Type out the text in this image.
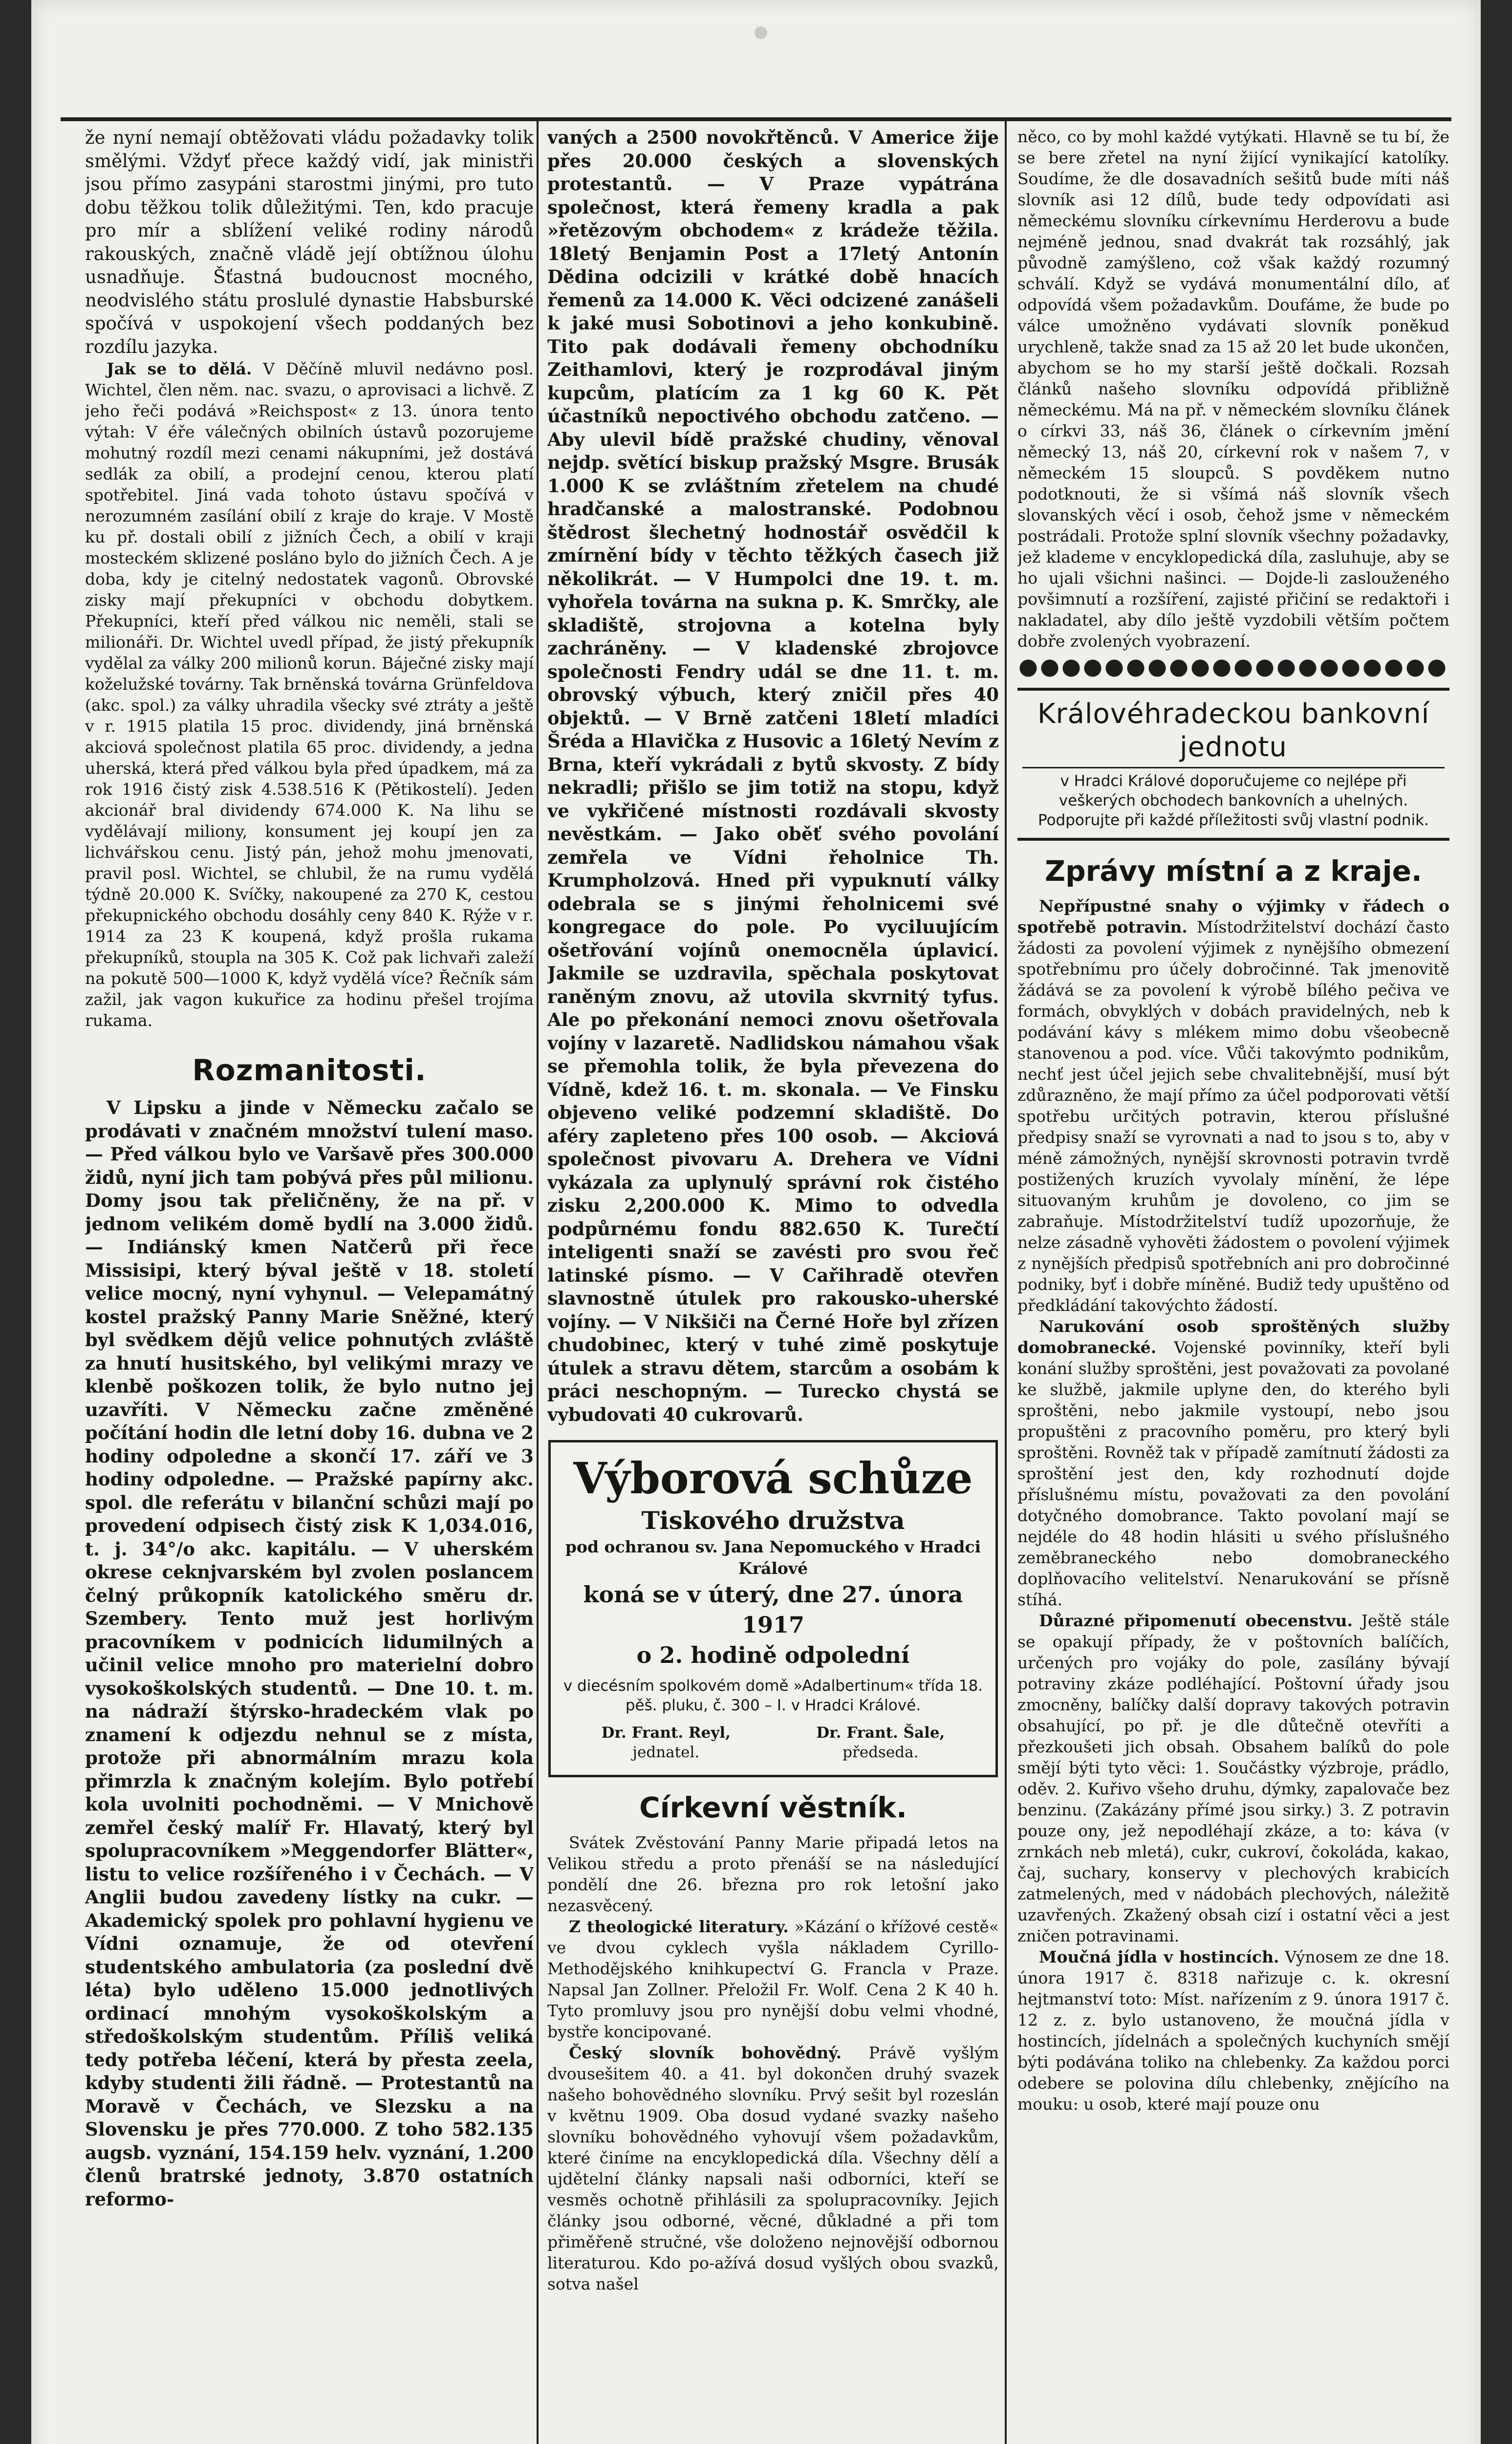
že nyní nemají obtěžovati vládu požadavky tolik smělými. Vždyť přece každý vidí, jak ministři jsou přímo zasypáni starostmi jinými, pro tuto dobu těžkou tolik důležitými. Ten, kdo pracuje pro mír a sblížení veliké rodiny národů rakouských, značně vládě její obtížnou úlohu usnadňuje. Šťastná budoucnost mocného, neodvislého státu proslulé dynastie Habsburské spočívá v uspokojení všech poddaných bez rozdílu jazyka.

Jak se to dělá. V Děčíně mluvil nedávno posl. Wichtel, člen něm. nac. svazu, o aprovisaci a lichvě. Z jeho řeči podává »Reichspost« z 13. února tento výtah: V éře válečných obilních ústavů pozorujeme mohutný rozdíl mezi cenami nákupními, jež dostává sedlák za obilí, a prodejní cenou, kterou platí spotřebitel. Jiná vada tohoto ústavu spočívá v nerozumném zasílání obilí z kraje do kraje. V Mostě ku př. dostali obilí z jižních Čech, a obilí v kraji mosteckém sklizené posláno bylo do jižních Čech. A je doba, kdy je citelný nedostatek vagonů. Obrovské zisky mají překupníci v obchodu dobytkem. Překupníci, kteří před válkou nic neměli, stali se milionáři. Dr. Wichtel uvedl případ, že jistý překupník vydělal za války 200 milionů korun. Báječné zisky mají koželužské továrny. Tak brněnská továrna Grünfeldova (akc. spol.) za války uhradila všecky své ztráty a ještě v r. 1915 platila 15 proc. dividendy, jiná brněnská akciová společnost platila 65 proc. dividendy, a jedna uherská, která před válkou byla před úpadkem, má za rok 1916 čistý zisk 4.538.516 K (Pětikostelí). Jeden akcionář bral dividendy 674.000 K. Na lihu se vydělávají miliony, konsument jej koupí jen za lichvářskou cenu. Jistý pán, jehož mohu jmenovati, pravil posl. Wichtel, se chlubil, že na rumu vydělá týdně 20.000 K. Svíčky, nakoupené za 270 K, cestou překupnického obchodu dosáhly ceny 840 K. Rýže v r. 1914 za 23 K koupená, když prošla rukama překupníků, stoupla na 305 K. Což pak lichvaři zaleží na pokutě 500—1000 K, když vydělá více? Řečník sám zažil, jak vagon kukuřice za hodinu přešel trojíma rukama.

Rozmanitosti.

V Lipsku a jinde v Německu začalo se prodávati v značném množství tulení maso. — Před válkou bylo ve Varšavě přes 300.000 židů, nyní jich tam pobývá přes půl milionu. Domy jsou tak přeličněny, že na př. v jednom velikém domě bydlí na 3.000 židů. — Indiánský kmen Natčerů při řece Missisipi, který býval ještě v 18. století velice mocný, nyní vyhynul. — Velepamátný kostel pražský Panny Marie Sněžné, který byl svědkem dějů velice pohnutých zvláště za hnutí husitského, byl velikými mrazy ve klenbě poškozen tolik, že bylo nutno jej uzavříti. V Německu začne změněné počítání hodin dle letní doby 16. dubna ve 2 hodiny odpoledne a skončí 17. září ve 3 hodiny odpoledne. — Pražské papírny akc. spol. dle referátu v bilanční schůzi mají po provedení odpisech čistý zisk K 1,034.016, t. j. 34°/o akc. kapitálu. — V uherském okrese ceknjvarském byl zvolen poslancem čelný průkopník katolického směru dr. Szembery. Tento muž jest horlivým pracovníkem v podnicích lidumilných a učinil velice mnoho pro materielní dobro vysokoškolských studentů. — Dne 10. t. m. na nádraží štýrsko-hradeckém vlak po znamení k odjezdu nehnul se z místa, protože při abnormálním mrazu kola přimrzla k značným kolejím. Bylo potřebí kola uvolniti pochodněmi. — V Mnichově zemřel český malíř Fr. Hlavatý, který byl spolupracovníkem »Meggendorfer Blätter«, listu to velice rozšířeného i v Čechách. — V Anglii budou zavedeny lístky na cukr. — Akademický spolek pro pohlavní hygienu ve Vídni oznamuje, že od otevření studentského ambulatoria (za poslední dvě léta) bylo uděleno 15.000 jednotlivých ordinací mnohým vysokoškolským a středoškolským studentům. Příliš veliká tedy potřeba léčení, která by přesta zeela, kdyby studenti žili řádně. — Protestantů na Moravě v Čechách, ve Slezsku a na Slovensku je přes 770.000. Z toho 582.135 augsb. vyznání, 154.159 helv. vyznání, 1.200 členů bratrské jednoty, 3.870 ostatních reformo-

vaných a 2500 novokřtěnců. V Americe žije přes 20.000 českých a slovenských protestantů. — V Praze vypátrána společnost, která řemeny kradla a pak »řetězovým obchodem« z krádeže těžila. 18letý Benjamin Post a 17letý Antonín Dědina odcizili v krátké době hnacích řemenů za 14.000 K. Věci odcizené zanášeli k jaké musi Sobotinovi a jeho konkubině. Tito pak dodávali řemeny obchodníku Zeithamlovi, který je rozprodával jiným kupcům, platícím za 1 kg 60 K. Pět účastníků nepoctivého obchodu zatčeno. — Aby ulevil bídě pražské chudiny, věnoval nejdp. světící biskup pražský Msgre. Brusák 1.000 K se zvláštním zřetelem na chudé hradčanské a malostranské. Podobnou štědrost šlechetný hodnostář osvědčil k zmírnění bídy v těchto těžkých časech již několikrát. — V Humpolci dne 19. t. m. vyhořela továrna na sukna p. K. Smrčky, ale skladiště, strojovna a kotelna byly zachráněny. — V kladenské zbrojovce společnosti Fendry udál se dne 11. t. m. obrovský výbuch, který zničil přes 40 objektů. — V Brně zatčeni 18letí mladíci Šréda a Hlavička z Husovic a 16letý Nevím z Brna, kteří vykrádali z bytů skvosty. Z bídy nekradli; přišlo se jim totiž na stopu, když ve vykřičené místnosti rozdávali skvosty nevěstkám. — Jako oběť svého povolání zemřela ve Vídni řeholnice Th. Krumpholzová. Hned při vypuknutí války odebrala se s jinými řeholnicemi své kongregace do pole. Po vyciluujícím ošetřování vojínů onemocněla úplavicí. Jakmile se uzdravila, spěchala poskytovat raněným znovu, až utovila skvrnitý tyfus. Ale po překonání nemoci znovu ošetřovala vojíny v lazaretě. Nadlidskou námahou však se přemohla tolik, že byla převezena do Vídně, kdež 16. t. m. skonala. — Ve Finsku objeveno veliké podzemní skladiště. Do aféry zapleteno přes 100 osob. — Akciová společnost pivovaru A. Drehera ve Vídni vykázala za uplynulý správní rok čistého zisku 2,200.000 K. Mimo to odvedla podpůrnému fondu 882.650 K. Turečtí inteligenti snaží se zavésti pro svou řeč latinské písmo. — V Cařihradě otevřen slavnostně útulek pro rakousko-uherské vojíny. — V Nikšiči na Černé Hoře byl zřízen chudobinec, který v tuhé zimě poskytuje útulek a stravu dětem, starcům a osobám k práci neschopným. — Turecko chystá se vybudovati 40 cukrovarů.

Výborová schůze
Tiskového družstva
pod ochranou sv. Jana Nepomuckého v Hradci Králové
koná se v úterý, dne 27. února 1917
o 2. hodině odpolední
v diecésním spolkovém domě »Adalbertinum« třída 18. pěš. pluku, č. 300 – I. v Hradci Králové.
Dr. Frant. Reyl,
jednatel.
Dr. Frant. Šale,
předseda.
Církevní věstník.

Svátek Zvěstování Panny Marie připadá letos na Velikou středu a proto přenáší se na následující pondělí dne 26. března pro rok letošní jako nezasvěcený.

Z theologické literatury. »Kázání o křížové cestě« ve dvou cyklech vyšla nákladem Cyrillo-Methodějského knihkupectví G. Francla v Praze. Napsal Jan Zollner. Přeložil Fr. Wolf. Cena 2 K 40 h. Tyto promluvy jsou pro nynější dobu velmi vhodné, bystře koncipované.

Český slovník bohovědný. Právě vyšlým dvousešitem 40. a 41. byl dokončen druhý svazek našeho bohovědného slovníku. Prvý sešit byl rozeslán v květnu 1909. Oba dosud vydané svazky našeho slovníku bohovědného vyhovují všem požadavkům, které činíme na encyklopedická díla. Všechny dělí a ujdětelní články napsali naši odborníci, kteří se vesměs ochotně přihlásili za spolupracovníky. Jejich články jsou odborné, věcné, důkladné a při tom přiměřeně stručné, vše doloženo nejnovější odbornou literaturou. Kdo po-ažívá dosud vyšlých obou svazků, sotva našel

něco, co by mohl každé vytýkati. Hlavně se tu bí, že se bere zřetel na nyní žijící vynikající katolíky. Soudíme, že dle dosavadních sešitů bude míti náš slovník asi 12 dílů, bude tedy odpovídati asi německému slovníku církevnímu Herderovu a bude nejméně jednou, snad dvakrát tak rozsáhlý, jak původně zamýšleno, což však každý rozumný schválí. Když se vydává monumentální dílo, ať odpovídá všem požadavkům. Doufáme, že bude po válce umožněno vydávati slovník poněkud urychleně, takže snad za 15 až 20 let bude ukončen, abychom se ho my starší ještě dočkali. Rozsah článků našeho slovníku odpovídá přibližně německému. Má na př. v německém slovníku článek o církvi 33, náš 36, článek o církevním jmění německý 13, náš 20, církevní rok v našem 7, v německém 15 sloupců. S povděkem nutno podotknouti, že si všímá náš slovník všech slovanských věcí i osob, čehož jsme v německém postrádali. Protože splní slovník všechny požadavky, jež klademe v encyklopedická díla, zasluhuje, aby se ho ujali všichni našinci. — Dojde-li zaslouženého povšimnutí a rozšíření, zajisté přičiní se redaktoři i nakladatel, aby dílo ještě vyzdobili větším počtem dobře zvolených vyobrazení.

Královéhradeckou bankovní jednotu
v Hradci Králové doporučujeme co nejlépe při veškerých obchodech bankovních a uhelných. Podporujte při každé příležitosti svůj vlastní podnik.
Zprávy místní a z kraje.

Nepřípustné snahy o výjimky v řádech o spotřebě potravin. Místodržitelství dochází často žádosti za povolení výjimek z nynějšího obmezení spotřebnímu pro účely dobročinné. Tak jmenovitě žádává se za povolení k výrobě bílého pečiva ve formách, obvyklých v dobách pravidelných, neb k podávání kávy s mlékem mimo dobu všeobecně stanovenou a pod. více. Vůči takovýmto podnikům, nechť jest účel jejich sebe chvalitebnější, musí být zdůrazněno, že mají přímo za účel podporovati větší spotřebu určitých potravin, kterou příslušné předpisy snaží se vyrovnati a nad to jsou s to, aby v méně zámožných, nynější skrovnosti potravin tvrdě postižených kruzích vyvolaly mínění, že lépe situovaným kruhům je dovoleno, co jim se zabraňuje. Místodržitelství tudíž upozorňuje, že nelze zásadně vyhověti žádostem o povolení výjimek z nynějších předpisů spotřebních ani pro dobročinné podniky, byť i dobře míněné. Budiž tedy upuštěno od předkládání takovýchto žádostí.

Narukování osob sproštěných služby domobranecké. Vojenské povinníky, kteří byli konání služby sproštěni, jest považovati za povolané ke službě, jakmile uplyne den, do kterého byli sproštěni, nebo jakmile vystoupí, nebo jsou propuštěni z pracovního poměru, pro který byli sproštěni. Rovněž tak v případě zamítnutí žádosti za sproštění jest den, kdy rozhodnutí dojde příslušnému místu, považovati za den povolání dotyčného domobrance. Takto povolaní mají se nejdéle do 48 hodin hlásiti u svého příslušného zeměbraneckého nebo domobraneckého doplňovacího velitelství. Nenarukování se přísně stíhá.

Důrazné připomenutí obecenstvu. Ještě stále se opakují případy, že v poštovních balíčích, určených pro vojáky do pole, zasílány bývají potraviny zkáze podléhající. Poštovní úřady jsou zmocněny, balíčky další dopravy takových potravin obsahující, po př. je dle důtečně otevříti a přezkoušeti jich obsah. Obsahem balíků do pole smějí býti tyto věci: 1. Součástky výzbroje, prádlo, oděv. 2. Kuřivo všeho druhu, dýmky, zapalovače bez benzinu. (Zakázány přímé jsou sirky.) 3. Z potravin pouze ony, jež nepodléhají zkáze, a to: káva (v zrnkách neb mletá), cukr, cukroví, čokoláda, kakao, čaj, suchary, konservy v plechových krabicích zatmelených, med v nádobách plechových, náležitě uzavřených. Zkažený obsah cizí i ostatní věci a jest zničen potravinami.

Moučná jídla v hostincích. Výnosem ze dne 18. února 1917 č. 8318 nařizuje c. k. okresní hejtmanství toto: Míst. nařízením z 9. února 1917 č. 12 z. z. bylo ustanoveno, že moučná jídla v hostincích, jídelnách a společných kuchyních smějí býti podávána toliko na chlebenky. Za každou porci odebere se polovina dílu chlebenky, znějícího na mouku: u osob, které mají pouze onu
